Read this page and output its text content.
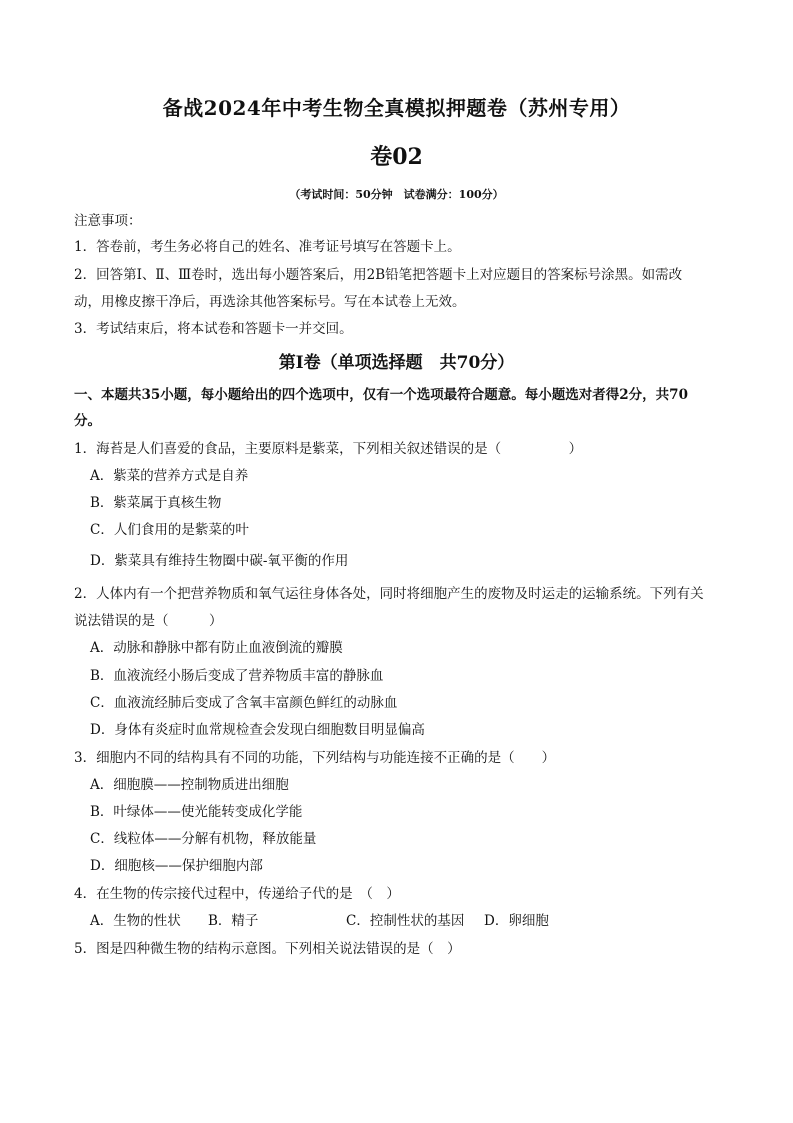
备战2024年中考生物全真模拟押题卷（苏州专用）
卷02
（考试时间：50分钟　试卷满分：100分）
注意事项：
1．答卷前，考生务必将自己的姓名、准考证号填写在答题卡上。
2．回答第Ⅰ、Ⅱ、Ⅲ卷时，选出每小题答案后，用2B铅笔把答题卡上对应题目的答案标号涂黑。如需改
动，用橡皮擦干净后，再选涂其他答案标号。写在本试卷上无效。
3．考试结束后，将本试卷和答题卡一并交回。
第Ⅰ卷（单项选择题　共70分）
一、本题共35小题，每小题给出的四个选项中，仅有一个选项最符合题意。每小题选对者得2分，共70
分。
1．海苔是人们喜爱的食品，主要原料是紫菜，下列相关叙述错误的是（　　　　　）
A．紫菜的营养方式是自养
B．紫菜属于真核生物
C．人们食用的是紫菜的叶
D．紫菜具有维持生物圈中碳-氧平衡的作用
2．人体内有一个把营养物质和氧气运往身体各处，同时将细胞产生的废物及时运走的运输系统。下列有关
说法错误的是（　　　）
A．动脉和静脉中都有防止血液倒流的瓣膜
B．血液流经小肠后变成了营养物质丰富的静脉血
C．血液流经肺后变成了含氧丰富颜色鲜红的动脉血
D．身体有炎症时血常规检查会发现白细胞数目明显偏高
3．细胞内不同的结构具有不同的功能，下列结构与功能连接不正确的是（　　）
A．细胞膜——控制物质进出细胞
B．叶绿体——使光能转变成化学能
C．线粒体——分解有机物，释放能量
D．细胞核——保护细胞内部
4．在生物的传宗接代过程中，传递给子代的是　（　）
A．生物的性状 B．精子	C．控制性状的基因 D．卵细胞
5．图是四种微生物的结构示意图。下列相关说法错误的是（　）
